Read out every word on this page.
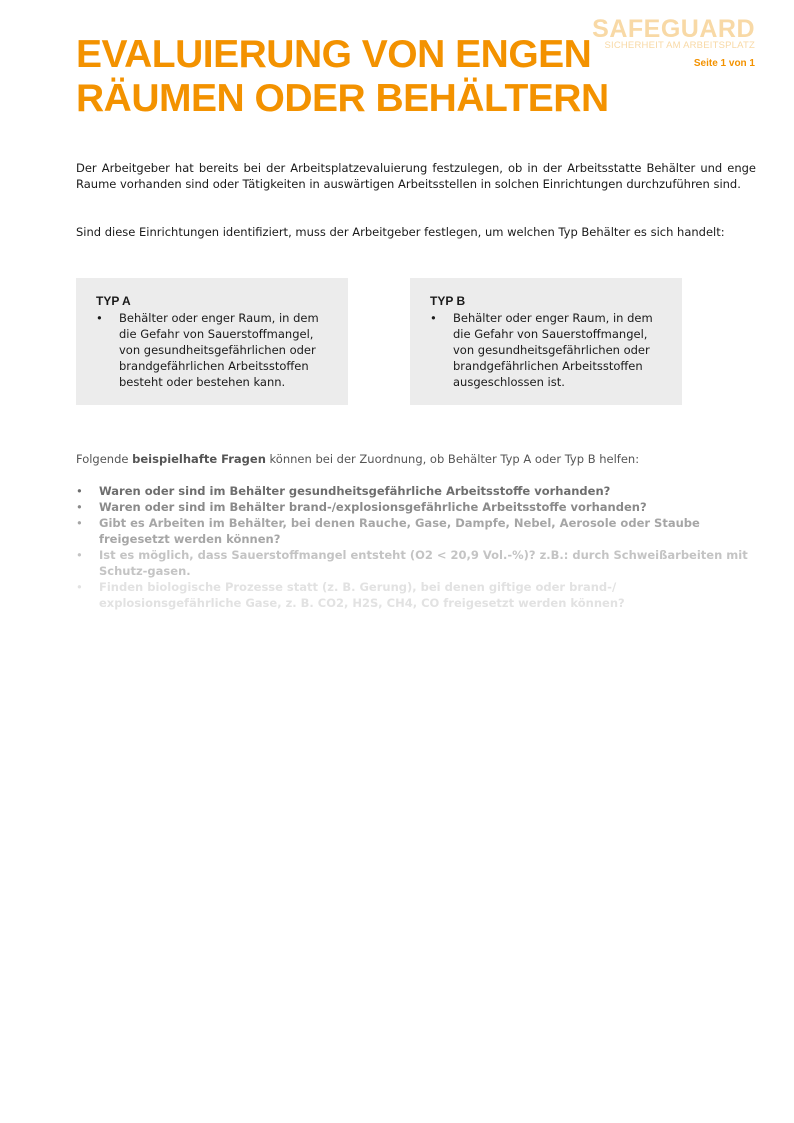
EVALUIERUNG VON ENGEN
RÄUMEN ODER BEHÄLTERN
SAFEGUARD
SICHERHEIT AM ARBEITSPLATZ
Seite 1 von 1

Der Arbeitgeber hat bereits bei der Arbeitsplatzevaluierung festzulegen, ob in der Arbeitsstatte Behälter und enge Raume vorhanden sind oder Tätigkeiten in auswärtigen Arbeitsstellen in solchen Einrichtungen durchzuführen sind.

Sind diese Einrichtungen identifiziert, muss der Arbeitgeber festlegen, um welchen Typ Behälter es sich handelt:

TYP A
• Behälter oder enger Raum, in dem die Gefahr von Sauerstoffmangel, von gesundheitsgefährlichen oder brandgefährlichen Arbeitsstoffen besteht oder bestehen kann.
TYP B
• Behälter oder enger Raum, in dem die Gefahr von Sauerstoffmangel, von gesundheitsgefährlichen oder brandgefährlichen Arbeitsstoffen ausgeschlossen ist.
Folgende beispielhafte Fragen können bei der Zuordnung, ob Behälter Typ A oder Typ B helfen:
• Waren oder sind im Behälter gesundheitsgefährliche Arbeitsstoffe vorhanden?
• Waren oder sind im Behälter brand-/explosionsgefährliche Arbeitsstoffe vorhanden?
• Gibt es Arbeiten im Behälter, bei denen Rauche, Gase, Dampfe, Nebel, Aerosole oder Staube freigesetzt werden können?
• Ist es möglich, dass Sauerstoffmangel entsteht (O2 < 20,9 Vol.-%)? z.B.: durch Schweißarbeiten mit Schutz-gasen.
• Finden biologische Prozesse statt (z. B. Gerung), bei denen giftige oder brand-/ explosionsgefährliche Gase, z. B. CO2, H2S, CH4, CO freigesetzt werden können?
